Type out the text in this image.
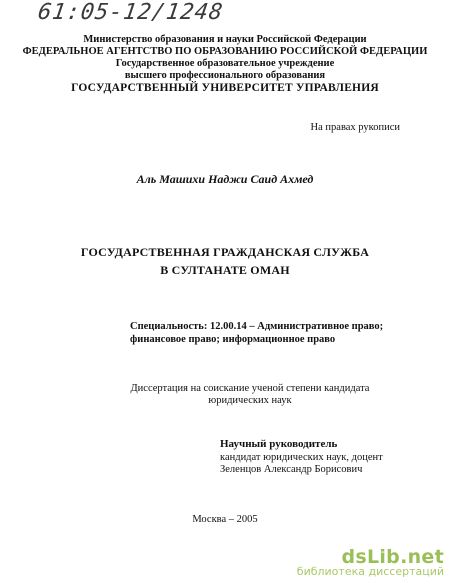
61:05-12/1248
Министерство образования и науки Российской Федерации
ФЕДЕРАЛЬНОЕ АГЕНТСТВО ПО ОБРАЗОВАНИЮ РОССИЙСКОЙ ФЕДЕРАЦИИ
Государственное образовательное учреждение
высшего профессионального образования
ГОСУДАРСТВЕННЫЙ УНИВЕРСИТЕТ УПРАВЛЕНИЯ
На правах рукописи
Аль Машихи Наджи Саид Ахмед
ГОСУДАРСТВЕННАЯ ГРАЖДАНСКАЯ СЛУЖБА
В СУЛТАНАТЕ ОМАН
Специальность: 12.00.14 – Административное право;
финансовое право; информационное право
Диссертация на соискание ученой степени кандидата
юридических наук
Научный руководитель
кандидат юридических наук, доцент
Зеленцов Александр Борисович
Москва – 2005
dsLib.net
библиотека диссертаций
